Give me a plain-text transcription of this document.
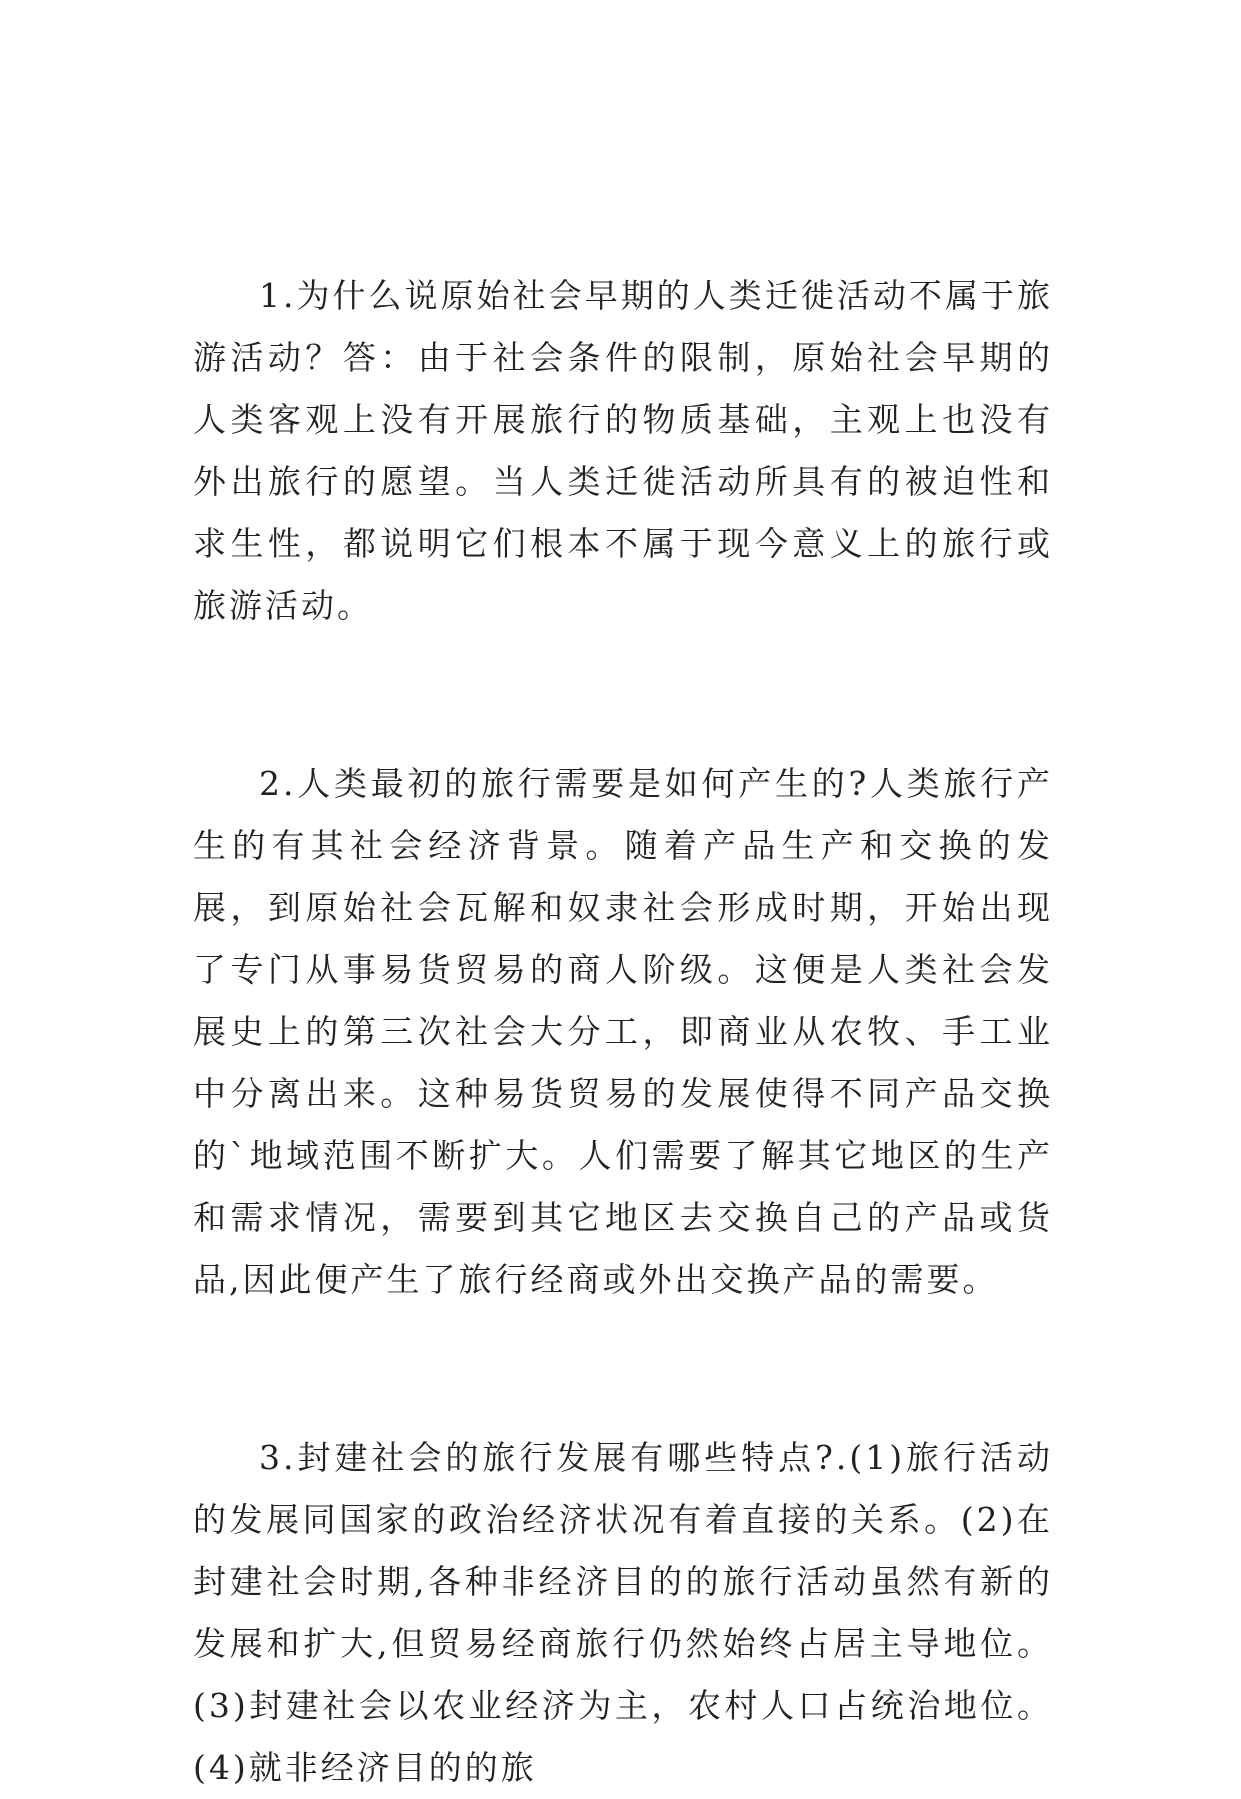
1.为什么说原始社会早期的人类迁徙活动不属于旅游活动？答：由于社会条件的限制，原始社会早期的人类客观上没有开展旅行的物质基础，主观上也没有外出旅行的愿望。当人类迁徙活动所具有的被迫性和求生性，都说明它们根本不属于现今意义上的旅行或旅游活动。

2.人类最初的旅行需要是如何产生的?人类旅行产生的有其社会经济背景。随着产品生产和交换的发展，到原始社会瓦解和奴隶社会形成时期，开始出现了专门从事易货贸易的商人阶级。这便是人类社会发展史上的第三次社会大分工，即商业从农牧、手工业中分离出来。这种易货贸易的发展使得不同产品交换的`地域范围不断扩大。人们需要了解其它地区的生产和需求情况，需要到其它地区去交换自己的产品或货品,因此便产生了旅行经商或外出交换产品的需要。

3.封建社会的旅行发展有哪些特点?.(1)旅行活动的发展同国家的政治经济状况有着直接的关系。(2)在封建社会时期,各种非经济目的的旅行活动虽然有新的发展和扩大,但贸易经商旅行仍然始终占居主导地位。(3)封建社会以农业经济为主，农村人口占统治地位。(4)就非经济目的的旅
